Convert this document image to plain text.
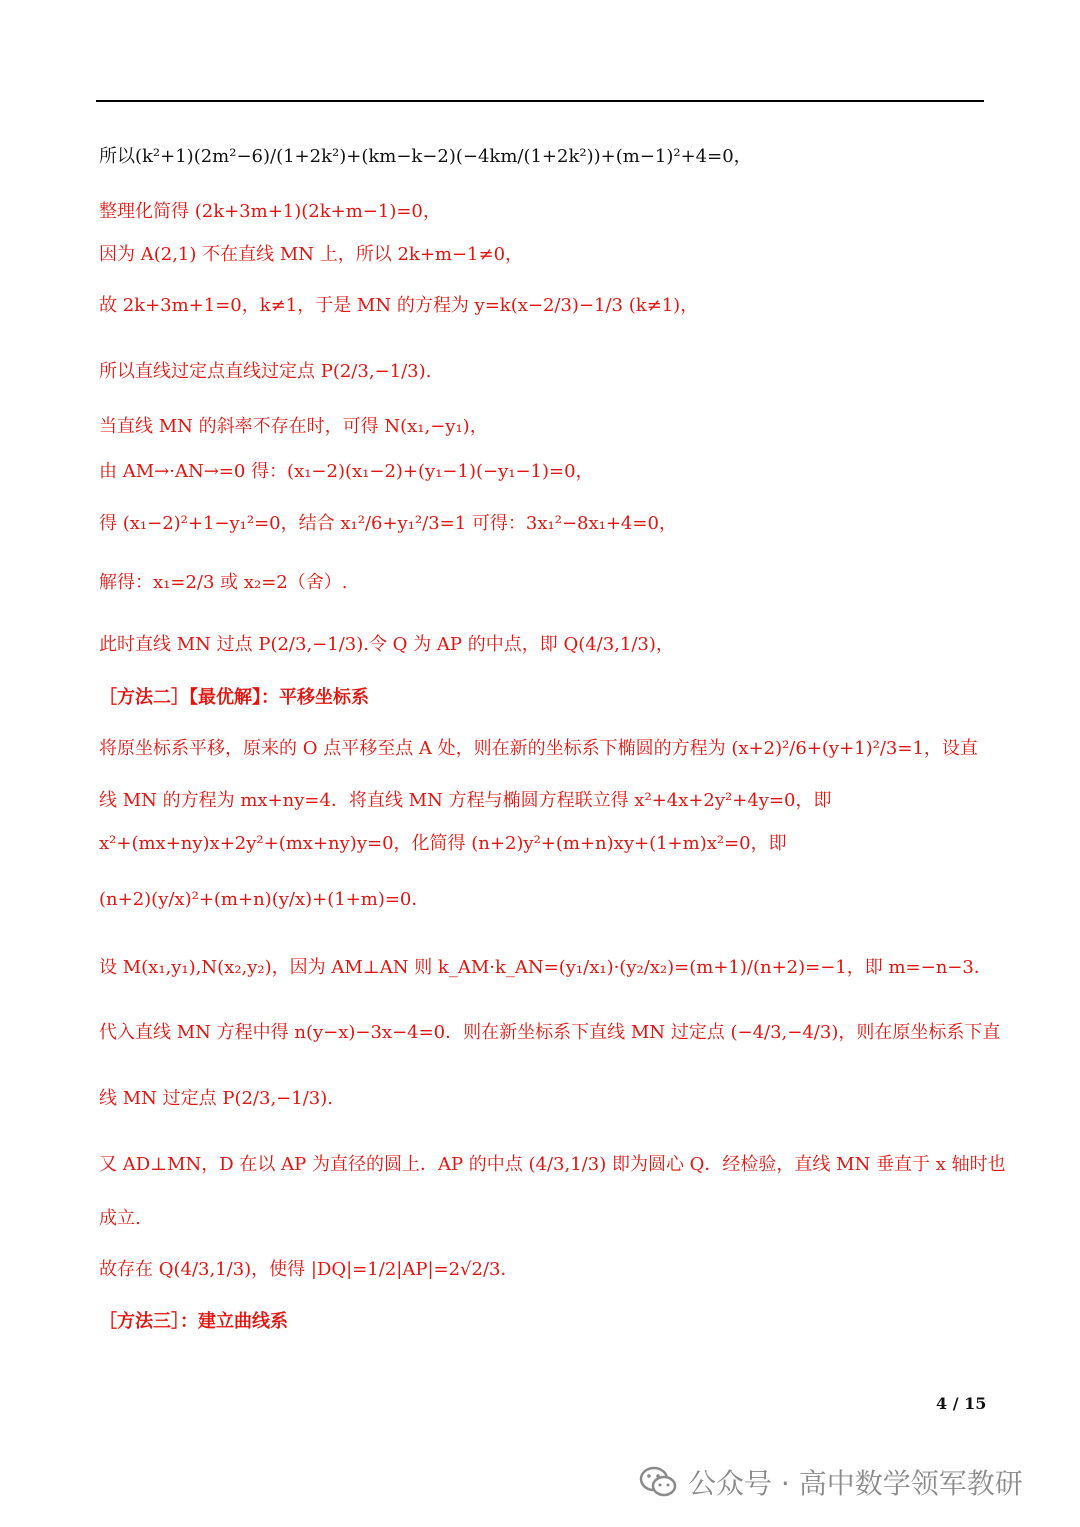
所以(k²+1)(2m²−6)/(1+2k²)+(km−k−2)(−4km/(1+2k²))+(m−1)²+4=0，
整理化简得 (2k+3m+1)(2k+m−1)=0，
因为 A(2,1) 不在直线 MN 上，所以 2k+m−1≠0，
故 2k+3m+1=0，k≠1，于是 MN 的方程为 y=k(x−2/3)−1/3 (k≠1)，
所以直线过定点直线过定点 P(2/3,−1/3).
当直线 MN 的斜率不存在时，可得 N(x₁,−y₁)，
由 AM→·AN→=0 得：(x₁−2)(x₁−2)+(y₁−1)(−y₁−1)=0，
得 (x₁−2)²+1−y₁²=0，结合 x₁²/6+y₁²/3=1 可得：3x₁²−8x₁+4=0，
解得：x₁=2/3 或 x₂=2（舍）.
此时直线 MN 过点 P(2/3,−1/3).令 Q 为 AP 的中点，即 Q(4/3,1/3)，
［方法二］【最优解】：平移坐标系
将原坐标系平移，原来的 O 点平移至点 A 处，则在新的坐标系下椭圆的方程为 (x+2)²/6+(y+1)²/3=1，设直
线 MN 的方程为 mx+ny=4．将直线 MN 方程与椭圆方程联立得 x²+4x+2y²+4y=0，即
x²+(mx+ny)x+2y²+(mx+ny)y=0，化简得 (n+2)y²+(m+n)xy+(1+m)x²=0，即
(n+2)(y/x)²+(m+n)(y/x)+(1+m)=0．
设 M(x₁,y₁),N(x₂,y₂)，因为 AM⊥AN 则 k_AM·k_AN=(y₁/x₁)·(y₂/x₂)=(m+1)/(n+2)=−1，即 m=−n−3．
代入直线 MN 方程中得 n(y−x)−3x−4=0．则在新坐标系下直线 MN 过定点 (−4/3,−4/3)，则在原坐标系下直
线 MN 过定点 P(2/3,−1/3).
又 AD⊥MN，D 在以 AP 为直径的圆上．AP 的中点 (4/3,1/3) 即为圆心 Q．经检验，直线 MN 垂直于 x 轴时也
成立.
故存在 Q(4/3,1/3)，使得 |DQ|=1/2|AP|=2√2/3．
［方法三］：建立曲线系
4 / 15
公众号 · 高中数学领军教研
